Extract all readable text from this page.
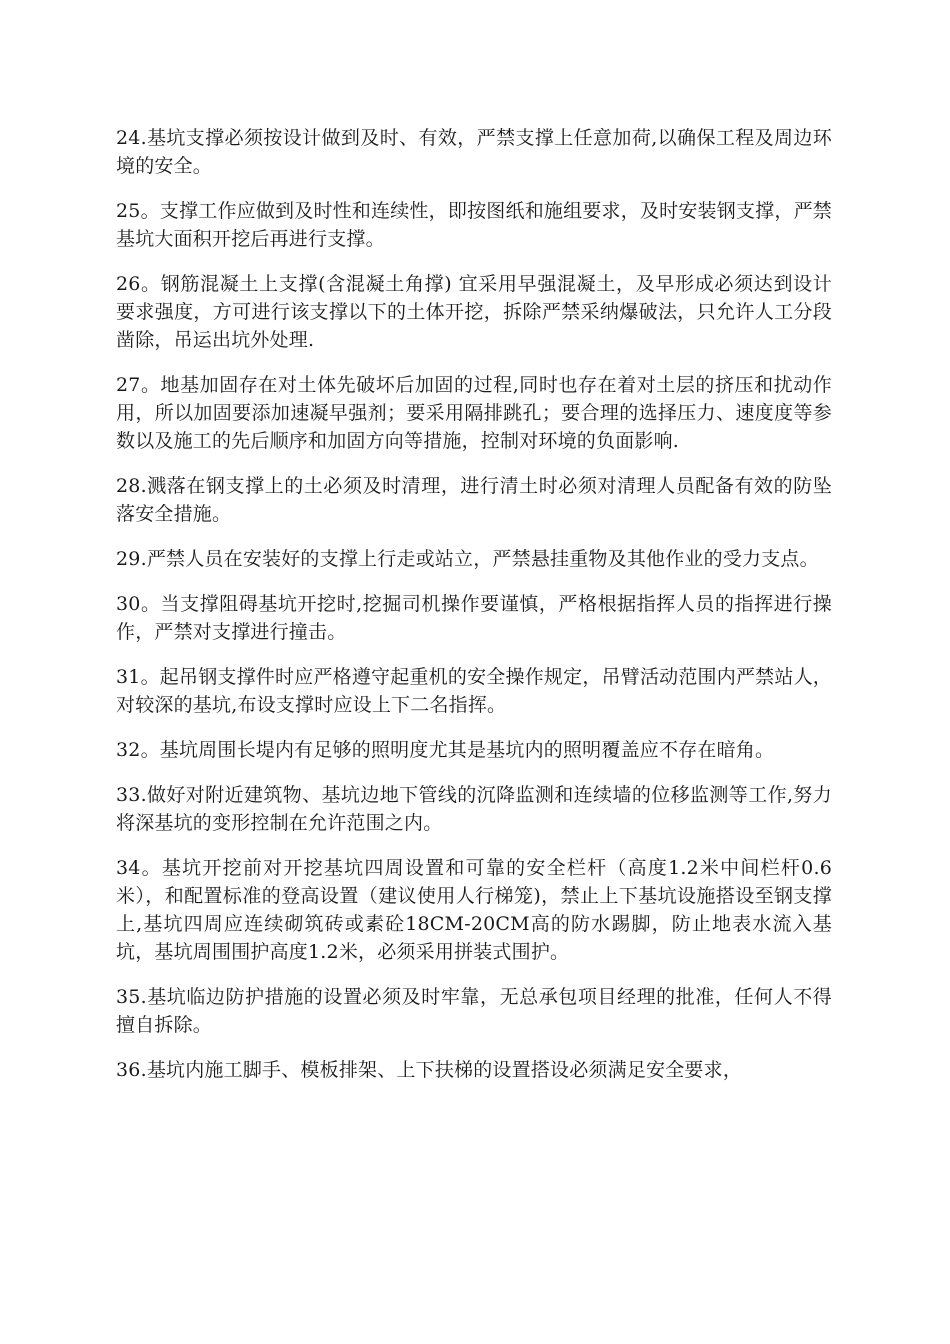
24.基坑支撑必须按设计做到及时、有效，严禁支撑上任意加荷,以确保工程及周边环境的安全。

25。支撑工作应做到及时性和连续性，即按图纸和施组要求，及时安装钢支撑，严禁基坑大面积开挖后再进行支撑。

26。钢筋混凝土上支撑(含混凝土角撑) 宜采用早强混凝土，及早形成必须达到设计要求强度，方可进行该支撑以下的土体开挖，拆除严禁采纳爆破法，只允许人工分段凿除，吊运出坑外处理.

27。地基加固存在对土体先破坏后加固的过程,同时也存在着对土层的挤压和扰动作用，所以加固要添加速凝早强剂；要采用隔排跳孔；要合理的选择压力、速度度等参数以及施工的先后顺序和加固方向等措施，控制对环境的负面影响.

28.溅落在钢支撑上的土必须及时清理，进行清土时必须对清理人员配备有效的防坠落安全措施。

29.严禁人员在安装好的支撑上行走或站立，严禁悬挂重物及其他作业的受力支点。

30。当支撑阻碍基坑开挖时,挖掘司机操作要谨慎，严格根据指挥人员的指挥进行操作，严禁对支撑进行撞击。

31。起吊钢支撑件时应严格遵守起重机的安全操作规定，吊臂活动范围内严禁站人，对较深的基坑,布设支撑时应设上下二名指挥。

32。基坑周围长堤内有足够的照明度尤其是基坑内的照明覆盖应不存在暗角。

33.做好对附近建筑物、基坑边地下管线的沉降监测和连续墙的位移监测等工作,努力将深基坑的变形控制在允许范围之内。

34。基坑开挖前对开挖基坑四周设置和可靠的安全栏杆（高度1.2米中间栏杆0.6米），和配置标准的登高设置（建议使用人行梯笼)，禁止上下基坑设施搭设至钢支撑上,基坑四周应连续砌筑砖或素砼18CM-20CM高的防水踢脚，防止地表水流入基坑，基坑周围围护高度1.2米，必须采用拼装式围护。

35.基坑临边防护措施的设置必须及时牢靠，无总承包项目经理的批准，任何人不得擅自拆除。

36.基坑内施工脚手、模板排架、上下扶梯的设置搭设必须满足安全要求，
